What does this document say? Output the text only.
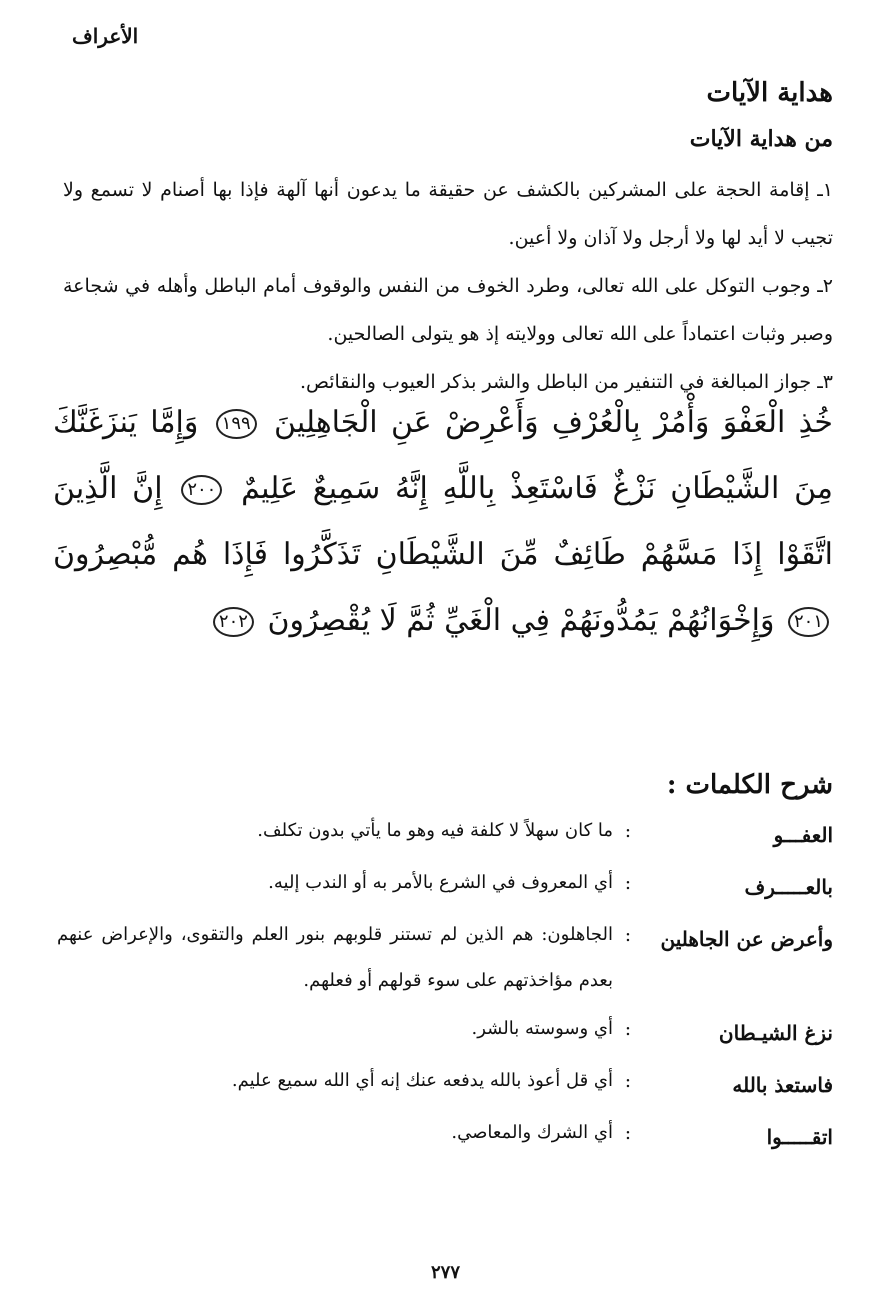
الأعراف
هداية الآيات
من هداية الآيات

١ـ إقامة الحجة على المشركين بالكشف عن حقيقة ما يدعون أنها آلهة فإذا بها أصنام لا تسمع ولا تجيب لا أيد لها ولا أرجل ولا آذان ولا أعين.

٢ـ وجوب التوكل على الله تعالى، وطرد الخوف من النفس والوقوف أمام الباطل وأهله في شجاعة وصبر وثبات اعتماداً على الله تعالى وولايته إذ هو يتولى الصالحين.

٣ـ جواز المبالغة في التنفير من الباطل والشر بذكر العيوب والنقائص.

خُذِ الْعَفْوَ وَأْمُرْ بِالْعُرْفِ وَأَعْرِضْ عَنِ الْجَاهِلِينَ ١٩٩ وَإِمَّا يَنزَغَنَّكَ مِنَ الشَّيْطَانِ نَزْغٌ فَاسْتَعِذْ بِاللَّهِ إِنَّهُ سَمِيعٌ عَلِيمٌ ٢٠٠ إِنَّ الَّذِينَ اتَّقَوْا إِذَا مَسَّهُمْ طَائِفٌ مِّنَ الشَّيْطَانِ تَذَكَّرُوا فَإِذَا هُم مُّبْصِرُونَ ٢٠١ وَإِخْوَانُهُمْ يَمُدُّونَهُمْ فِي الْغَيِّ ثُمَّ لَا يُقْصِرُونَ ٢٠٢
شرح الكلمات :
العفـــو
:
ما كان سهلاً لا كلفة فيه وهو ما يأتي بدون تكلف.
بالعـــــرف
:
أي المعروف في الشرع بالأمر به أو الندب إليه.
وأعرض عن الجاهلين
:
الجاهلون: هم الذين لم تستنر قلوبهم بنور العلم والتقوى، والإعراض عنهم بعدم مؤاخذتهم على سوء قولهم أو فعلهم.
نزغ الشيـطان
:
أي وسوسته بالشر.
فاستعذ بالله
:
أي قل أعوذ بالله يدفعه عنك إنه أي الله سميع عليم.
اتقـــــوا
:
أي الشرك والمعاصي.
٢٧٧
